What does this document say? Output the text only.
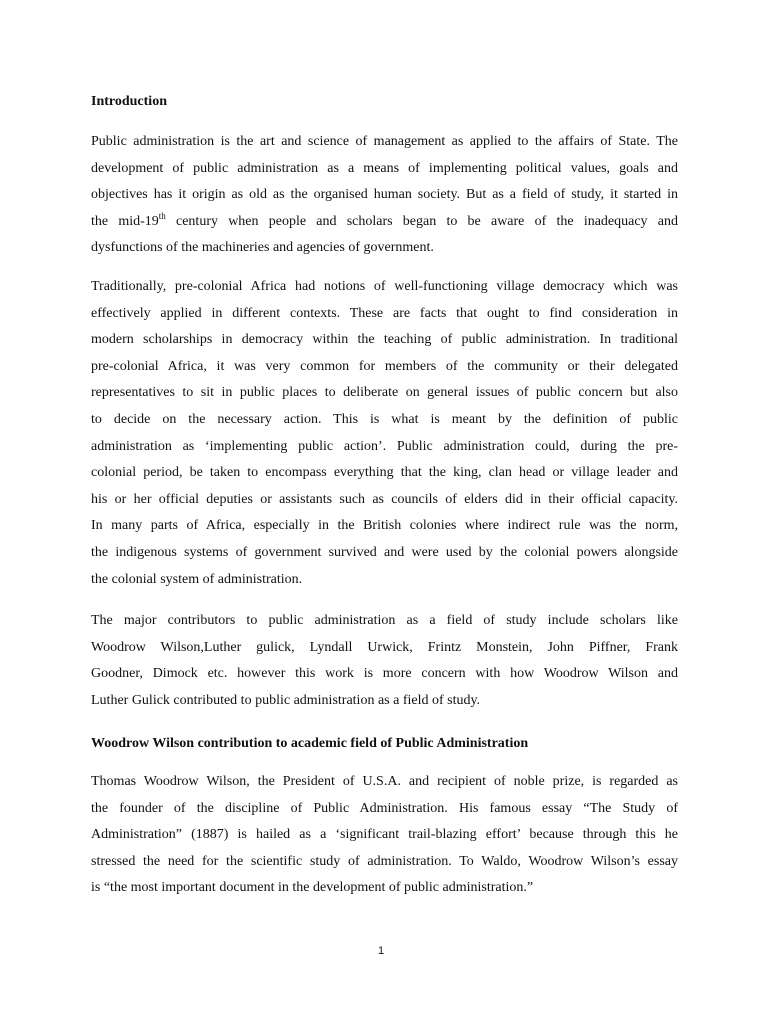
Introduction
Public administration is the art and science of management as applied to the affairs of State. The
development of public administration as a means of implementing political values, goals and
objectives has it origin as old as the organised human society. But as a field of study, it started in
the mid-19th century when people and scholars began to be aware of the inadequacy and
dysfunctions of the machineries and agencies of government.
Traditionally, pre-colonial Africa had notions of well-functioning village democracy which was
effectively applied in different contexts. These are facts that ought to find consideration in
modern scholarships in democracy within the teaching of public administration. In traditional
pre-colonial Africa, it was very common for members of the community or their delegated
representatives to sit in public places to deliberate on general issues of public concern but also
to decide on the necessary action. This is what is meant by the definition of public
administration as ‘implementing public action’. Public administration could, during the pre-
colonial period, be taken to encompass everything that the king, clan head or village leader and
his or her official deputies or assistants such as councils of elders did in their official capacity.
In many parts of Africa, especially in the British colonies where indirect rule was the norm,
the indigenous systems of government survived and were used by the colonial powers alongside
the colonial system of administration.
The major contributors to public administration as a field of study include scholars like
Woodrow Wilson,Luther gulick, Lyndall Urwick, Frintz Monstein, John Piffner, Frank
Goodner, Dimock etc. however this work is more concern with how Woodrow Wilson and
Luther Gulick contributed to public administration as a field of study.
Woodrow Wilson contribution to academic field of Public Administration
Thomas Woodrow Wilson, the President of U.S.A. and recipient of noble prize, is regarded as
the founder of the discipline of Public Administration. His famous essay “The Study of
Administration” (1887) is hailed as a ‘significant trail-blazing effort’ because through this he
stressed the need for the scientific study of administration. To Waldo, Woodrow Wilson’s essay
is “the most important document in the development of public administration.”
1
